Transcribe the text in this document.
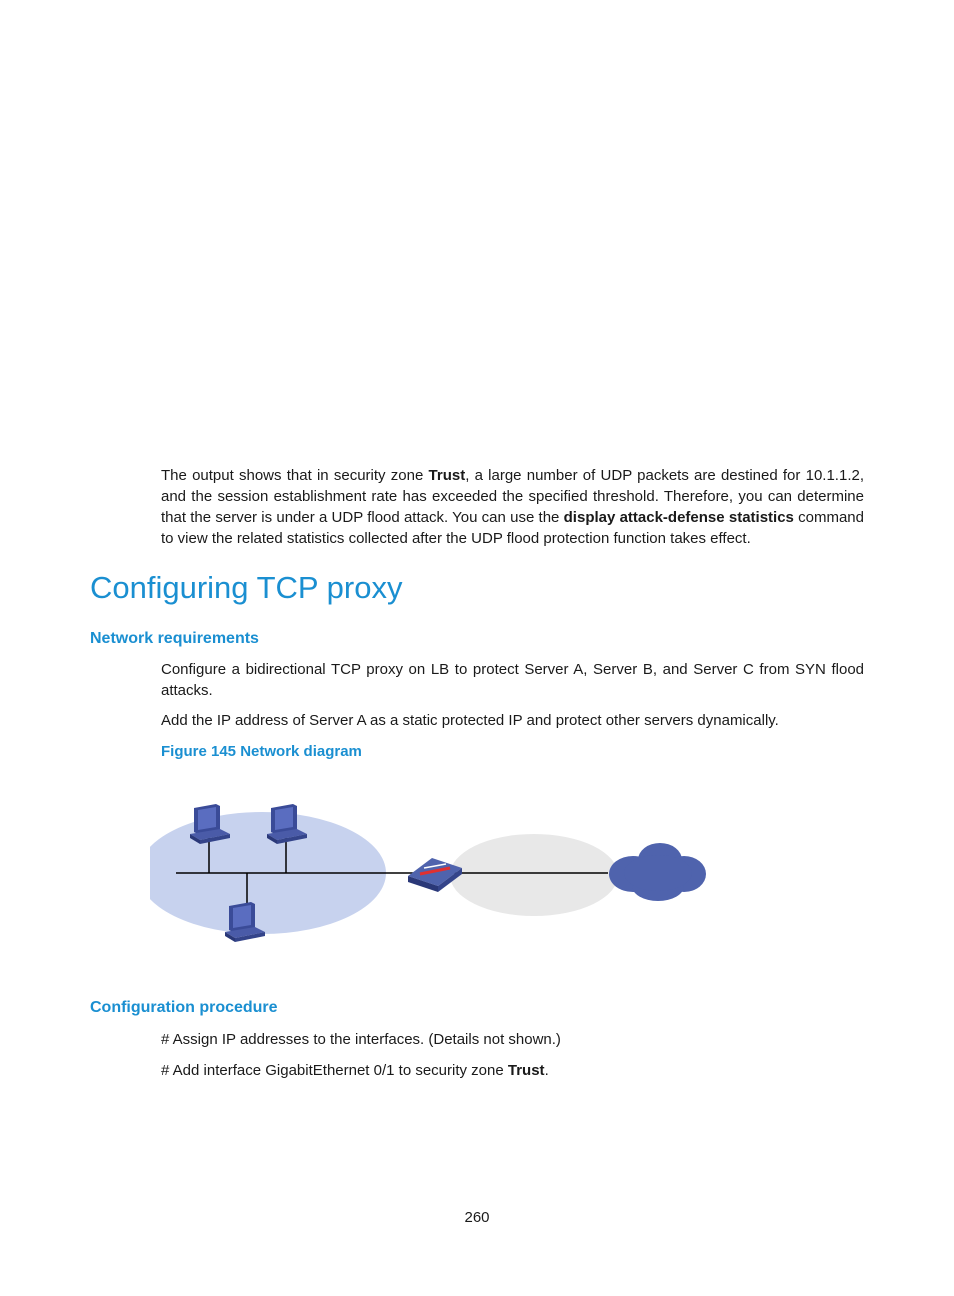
The output shows that in security zone Trust, a large number of UDP packets are destined for 10.1.1.2, and the session establishment rate has exceeded the specified threshold. Therefore, you can determine that the server is under a UDP flood attack. You can use the display attack-defense statistics command to view the related statistics collected after the UDP flood protection function takes effect.

Configuring TCP proxy
Network requirements

Configure a bidirectional TCP proxy on LB to protect Server A, Server B, and Server C from SYN flood attacks.

Add the IP address of Server A as a static protected IP and protect other servers dynamically.

Figure 145 Network diagram

Configuration procedure

# Assign IP addresses to the interfaces. (Details not shown.)

# Add interface GigabitEthernet 0/1 to security zone Trust.

260
